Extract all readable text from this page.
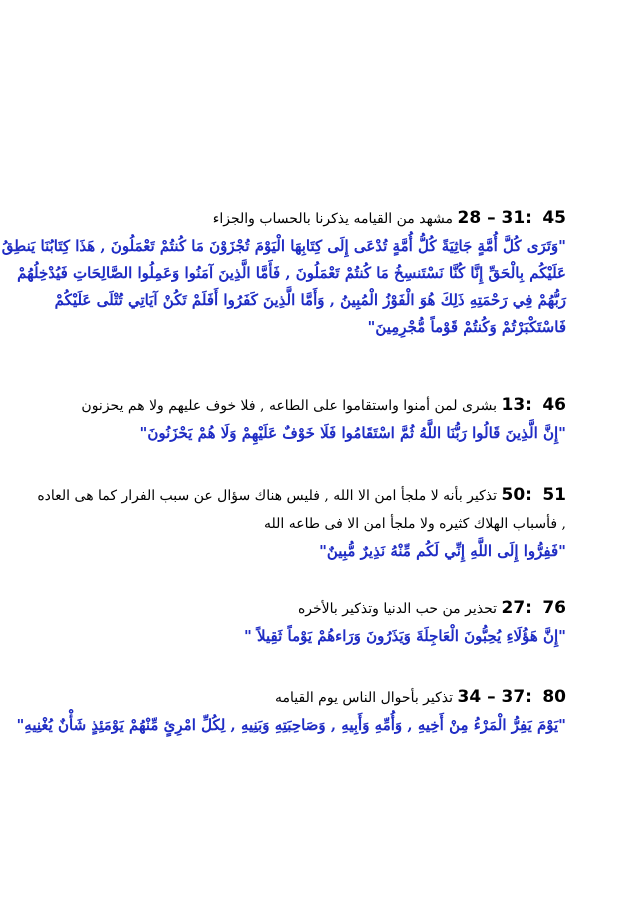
45 : 28 – 31 مشهد من القيامه يذكرنا بالحساب والجزاء
"وَتَرَى كُلَّ أُمَّةٍ جَاثِيَةً كُلُّ أُمَّةٍ تُدْعَى إِلَى كِتَابِهَا الْيَوْمَ تُجْزَوْنَ مَا كُنتُمْ تَعْمَلُونَ , هَذَا كِتَابُنَا يَنطِقُ
عَلَيْكُم بِالْحَقِّ إِنَّا كُنَّا نَسْتَنسِخُ مَا كُنتُمْ تَعْمَلُونَ , فَأَمَّا الَّذِينَ آمَنُوا وَعَمِلُوا الصَّالِحَاتِ فَيُدْخِلُهُمْ
رَبُّهُمْ فِي رَحْمَتِهِ ذَلِكَ هُوَ الْفَوْزُ الْمُبِينُ , وَأَمَّا الَّذِينَ كَفَرُوا أَفَلَمْ تَكُنْ آيَاتِي تُتْلَى عَلَيْكُمْ
فَاسْتَكْبَرْتُمْ وَكُنتُمْ قَوْماً مُّجْرِمِينَ"
46 : 13 بشرى لمن أمنوا واستقاموا على الطاعه , فلا خوف عليهم ولا هم يحزنون
"إِنَّ الَّذِينَ قَالُوا رَبُّنَا اللَّهُ ثُمَّ اسْتَقَامُوا فَلَا خَوْفٌ عَلَيْهِمْ وَلَا هُمْ يَحْزَنُونَ"
51 : 50 تذكير بأنه لا ملجأ امن الا الله , فليس هناك سؤال عن سبب الفرار كما هى العاده
, فأسباب الهلاك كثيره ولا ملجأ امن الا فى طاعه الله
"فَفِرُّوا إِلَى اللَّهِ إِنِّي لَكُم مِّنْهُ نَذِيرٌ مُّبِينٌ"
76 : 27 تحذير من حب الدنيا وتذكير بالأخره
"إِنَّ هَؤُلَاءِ يُحِبُّونَ الْعَاجِلَةَ وَيَذَرُونَ وَرَاءهُمْ يَوْماً ثَقِيلاً "
80 : 34 – 37 تذكير بأحوال الناس يوم القيامه
"يَوْمَ يَفِرُّ الْمَرْءُ مِنْ أَخِيهِ , وَأُمِّهِ وَأَبِيهِ , وَصَاحِبَتِهِ وَبَنِيهِ , لِكُلِّ امْرِئٍ مِّنْهُمْ يَوْمَئِذٍ شَأْنٌ يُغْنِيهِ"
